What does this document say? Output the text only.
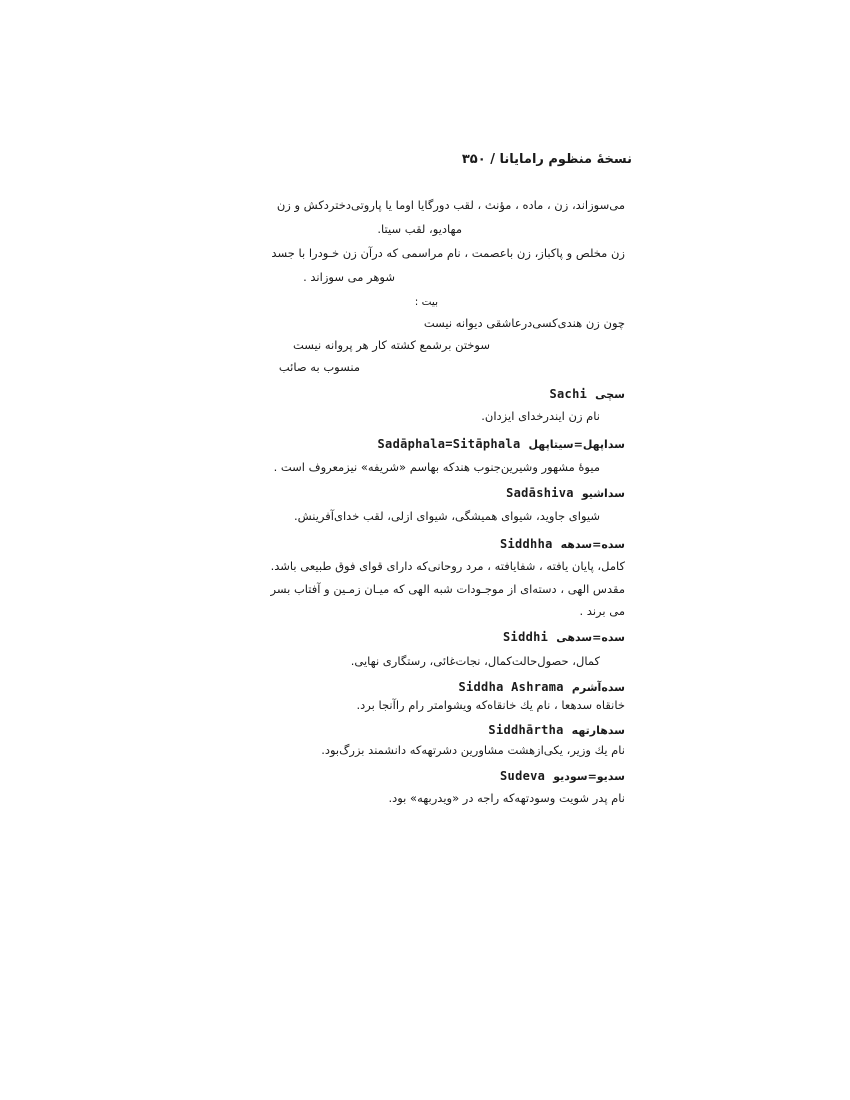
نسخهٔ منظوم رامایانا / ۳۵۰
می‌سوزاند، زن ، ماده ، مؤنث ، لقب دورگایا اوما یا پاروتی‌دختردکش و زن
مهادیو، لقب سیتا.
زن مخلص و پاکباز، زن باعصمت ، نام مراسمی که درآن زن خـودرا با جسد
شوهر می سوزاند .
بیت :
چون زن هندی‌کسی‌درعاشقی دیوانه نیست
سوختن برشمع کشته کار هر پروانه نیست
منسوب به صائب
Sachi سچی
نام زن ایندرخدای ایزدان.
Sadāphala=Sitāphala سداپهل=سیتاپهل
میوهٔ مشهور وشیرین‌جنوب هندکه بهاسم «شریفه» نیزمعروف است .
Sadāshiva سداشیو
شیوای جاوید، شیوای همیشگی، شیوای ازلی، لقب خدای‌آفرینش.
Siddhha سده=سدهه
کامل، پایان یافته ، شفایافته ، مرد روحانی‌که دارای قوای فوق طبیعی باشد.
مقدس الهی ، دسته‌ای از موجـودات شبه الهی که میـان زمـین و آفتاب بسر
می برند .
Siddhi سده=سدهی
کمال، حصول‌حالت‌کمال، نجات‌غائی، رستگاری نهایی.
Siddha Ashrama سده‌آشرم
خانقاه سدهعا ، نام یك خانقاه‌که ویشوامتر رام راآنجا برد.
Siddhārtha سدهارتهه
نام یك وزیر، یکی‌ازهشت مشاورین دشرتهه‌که دانشمند بزرگ‌بود.
Sudeva سدیو=سودیو
نام پدر شویت وسودتهه‌که راجه در «ویدربهه» بود.
